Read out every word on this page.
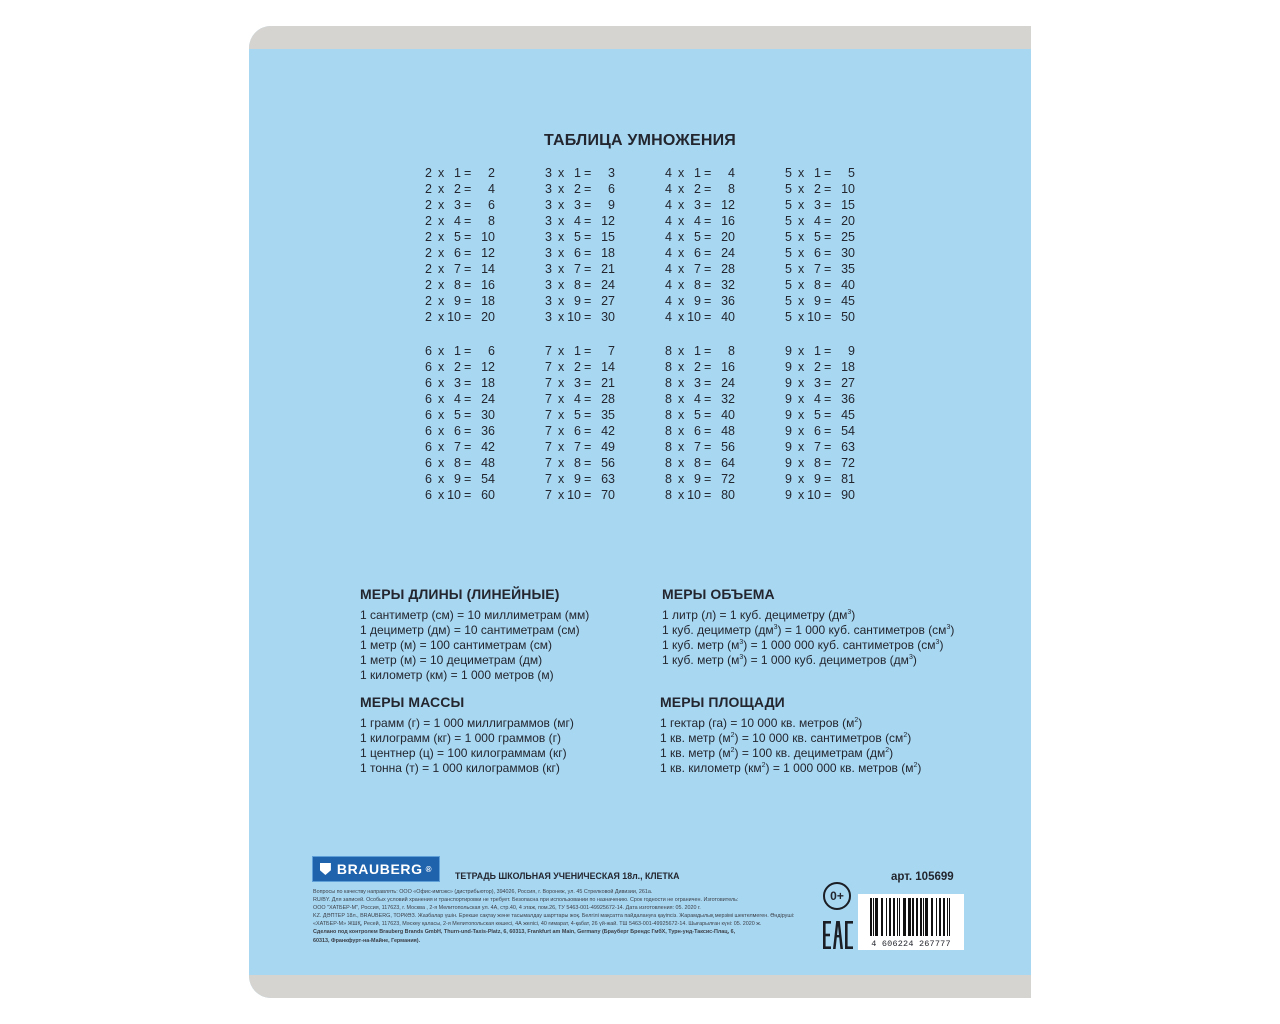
ТАБЛИЦА УМНОЖЕНИЯ
2 x 1 =	2
2 x 2 =	4
2 x 3 =	6
2 x 4 =	8
2 x 5 = 10
2 x 6 = 12
2 x 7 = 14
2 x 8 = 16
2 x 9 = 18
2 x 10 = 20
3 x 1 =	3
3 x 2 =	6
3 x 3 =	9
3 x 4 = 12
3 x 5 = 15
3 x 6 = 18
3 x 7 = 21
3 x 8 = 24
3 x 9 = 27
3 x 10 = 30
4 x 1 =	4
4 x 2 =	8
4 x 3 = 12
4 x 4 = 16
4 x 5 = 20
4 x 6 = 24
4 x 7 = 28
4 x 8 = 32
4 x 9 = 36
4 x 10 = 40
5 x 1 =	5
5 x 2 = 10
5 x 3 = 15
5 x 4 = 20
5 x 5 = 25
5 x 6 = 30
5 x 7 = 35
5 x 8 = 40
5 x 9 = 45
5 x 10 = 50
6 x 1 =	6
6 x 2 = 12
6 x 3 = 18
6 x 4 = 24
6 x 5 = 30
6 x 6 = 36
6 x 7 = 42
6 x 8 = 48
6 x 9 = 54
6 x 10 = 60
7 x 1 =	7
7 x 2 = 14
7 x 3 = 21
7 x 4 = 28
7 x 5 = 35
7 x 6 = 42
7 x 7 = 49
7 x 8 = 56
7 x 9 = 63
7 x 10 = 70
8 x 1 =	8
8 x 2 = 16
8 x 3 = 24
8 x 4 = 32
8 x 5 = 40
8 x 6 = 48
8 x 7 = 56
8 x 8 = 64
8 x 9 = 72
8 x 10 = 80
9 x 1 =	9
9 x 2 = 18
9 x 3 = 27
9 x 4 = 36
9 x 5 = 45
9 x 6 = 54
9 x 7 = 63
9 x 8 = 72
9 x 9 = 81
9 x 10 = 90
МЕРЫ ДЛИНЫ (ЛИНЕЙНЫЕ)
1 сантиметр (см) = 10 миллиметрам (мм)
1 дециметр (дм) = 10 сантиметрам (см)
1 метр (м) = 100 сантиметрам (см)
1 метр (м) = 10 дециметрам (дм)
1 километр (км) = 1 000 метров (м)
МЕРЫ МАССЫ
1 грамм (г) = 1 000 миллиграммов (мг)
1 килограмм (кг) = 1 000 граммов (г)
1 центнер (ц) = 100 килограммам (кг)
1 тонна (т) = 1 000 килограммов (кг)
МЕРЫ ОБЪЕМА
1 литр (л) = 1 куб. дециметру $(дм^3)$
1 куб. дециметр $(дм^3) = 1$ 000 куб. сантиметров $(см^3)$
1 куб. метр $(м^3) = 1$ 000 000 куб. сантиметров $(см^3)$
1 куб. метр $(м^3) = 1$ 000 куб. дециметров $(дм^3)$
МЕРЫ ПЛОЩАДИ
1 гектар (га) = 10 000 кв. метров $(м^2)$
1 кв. метр $(м^2) = 10$ 000 кв. сантиметров $(см^2)$
1 кв. метр $(м^2) = 100$ кв. дециметрам $(дм^2)$
1 кв. километр $(км^2) = 1$ 000 000 кв. метров $(м^2)$
BRAUBERG ®
ТЕТРАДЬ ШКОЛЬНАЯ УЧЕНИЧЕСКАЯ 18л., КЛЕТКА	арт. 105699
Вопросы по качеству направлять: ООО «Офис-импэкс» (дистрибьютор), 394026, Россия, г. Воронеж, ул. 45 Стрелковой Дивизии, 261а.
RU/BY. Для записей. Особых условий хранения и транспортировки не требует. Безопасна при использовании по назначению. Срок годности не ограничен. Изготовитель:
ООО "ХАТБЕР-М", Россия, 117623, г. Москва , 2-я Мелитопольская ул. 4А, стр.40, 4 этаж, пом.26, ТУ 5463-001-49925672-14. Дата изготовления: 05. 2020 г.
KZ. ДӘПТЕР 18л., BRAUBERG, ТОРКӨЗ. Жазбалар үшін. Ерекше сақтау және тасымалдау шарттары жоқ. Белгілі мақсатта пайдалануға қауіпсіз. Жарамдылық мерзімі шектелмеген. Өндіруші:
«ХАТБЕР-М» ЖШҚ, Ресей, 117623, Мәскеу қаласы, 2-я Мелитопольская көшесі, 4А желісі, 40 ғимарат, 4-қабат, 26 үй-жай. ТШ 5463-001-49925672-14. Шығарылған күні: 05. 2020 ж.
Сделано под контролем Brauberg Brands GmbH, Thurn-und-Taxis-Platz, 6, 60313, Frankfurt am Main, Germany (Брауберг Брендс ГмбХ, Турн-унд-Таксис-Плац, 6,
60313, Франкфурт-на-Майне, Германия).
0+
4 606224 267777
